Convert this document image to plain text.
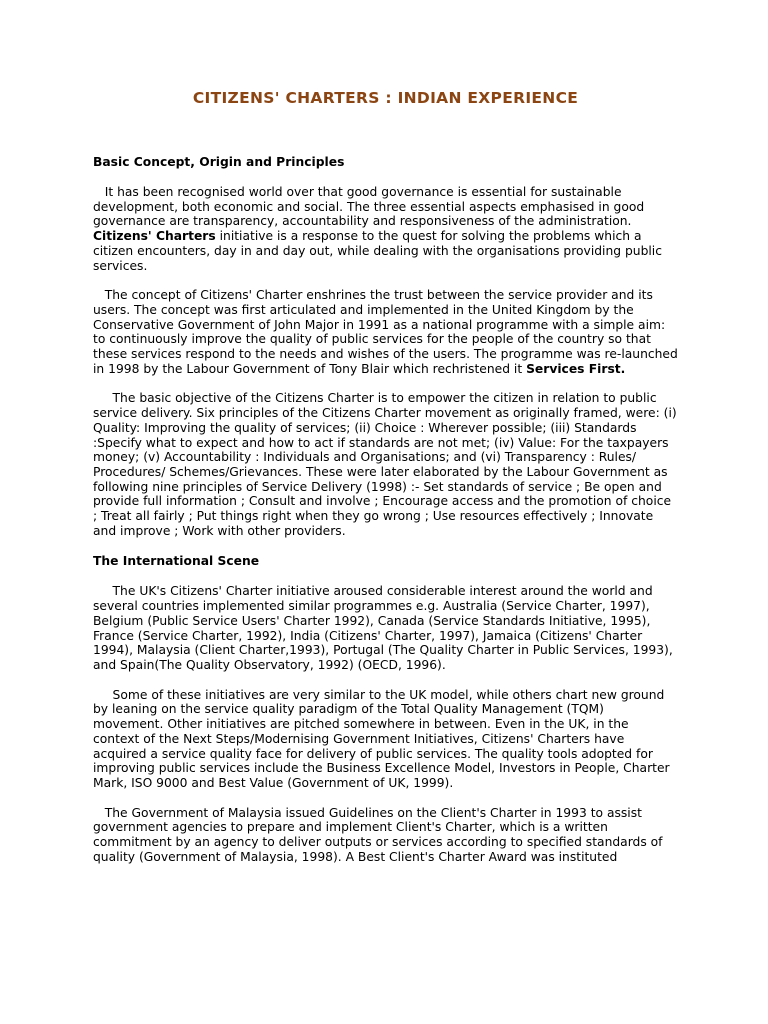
CITIZENS' CHARTERS : INDIAN EXPERIENCE
Basic Concept, Origin and Principles

It has been recognised world over that good governance is essential for sustainable development, both economic and social. The three essential aspects emphasised in good governance are transparency, accountability and responsiveness of the administration. Citizens' Charters initiative is a response to the quest for solving the problems which a citizen encounters, day in and day out, while dealing with the organisations providing public services.

The concept of Citizens' Charter enshrines the trust between the service provider and its users. The concept was first articulated and implemented in the United Kingdom by the Conservative Government of John Major in 1991 as a national programme with a simple aim: to continuously improve the quality of public services for the people of the country so that these services respond to the needs and wishes of the users. The programme was re-launched in 1998 by the Labour Government of Tony Blair which rechristened it Services First.

The basic objective of the Citizens Charter is to empower the citizen in relation to public service delivery. Six principles of the Citizens Charter movement as originally framed, were: (i) Quality: Improving the quality of services; (ii) Choice : Wherever possible; (iii) Standards :Specify what to expect and how to act if standards are not met; (iv) Value: For the taxpayers money; (v) Accountability : Individuals and Organisations; and (vi) Transparency : Rules/ Procedures/ Schemes/Grievances. These were later elaborated by the Labour Government as following nine principles of Service Delivery (1998) :- Set standards of service ; Be open and provide full information ; Consult and involve ; Encourage access and the promotion of choice ; Treat all fairly ; Put things right when they go wrong ; Use resources effectively ; Innovate and improve ; Work with other providers.

The International Scene

The UK's Citizens' Charter initiative aroused considerable interest around the world and several countries implemented similar programmes e.g. Australia (Service Charter, 1997), Belgium (Public Service Users' Charter 1992), Canada (Service Standards Initiative, 1995), France (Service Charter, 1992), India (Citizens' Charter, 1997), Jamaica (Citizens' Charter 1994), Malaysia (Client Charter,1993), Portugal (The Quality Charter in Public Services, 1993), and Spain(The Quality Observatory, 1992) (OECD, 1996).

Some of these initiatives are very similar to the UK model, while others chart new ground by leaning on the service quality paradigm of the Total Quality Management (TQM) movement. Other initiatives are pitched somewhere in between. Even in the UK, in the context of the Next Steps/Modernising Government Initiatives, Citizens' Charters have acquired a service quality face for delivery of public services. The quality tools adopted for improving public services include the Business Excellence Model, Investors in People, Charter Mark, ISO 9000 and Best Value (Government of UK, 1999).

The Government of Malaysia issued Guidelines on the Client's Charter in 1993 to assist government agencies to prepare and implement Client's Charter, which is a written commitment by an agency to deliver outputs or services according to specified standards of quality (Government of Malaysia, 1998). A Best Client's Charter Award was instituted
